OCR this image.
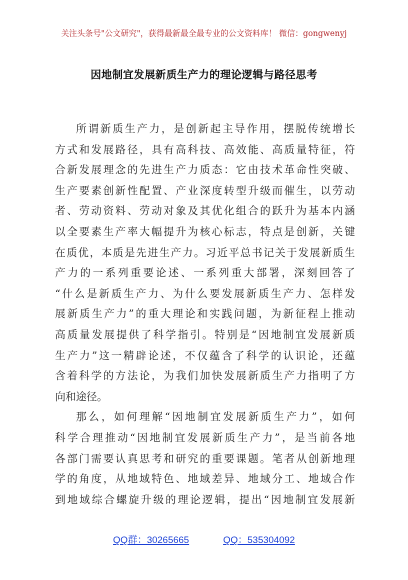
关注头条号"公文研究"，获得最新最全最专业的公文资料库！ 微信：gongwenyj
因地制宜发展新质生产力的理论逻辑与路径思考
所谓新质生产力，是创新起主导作用，摆脱传统增长
方式和发展路径，具有高科技、高效能、高质量特征，符
合新发展理念的先进生产力质态：它由技术革命性突破、
生产要素创新性配置、产业深度转型升级而催生，以劳动
者、劳动资料、劳动对象及其优化组合的跃升为基本内涵
以全要素生产率大幅提升为核心标志，特点是创新，关键
在质优，本质是先进生产力。习近平总书记关于发展新质生
产力的一系列重要论述、一系列重大部署，深刻回答了
“什么是新质生产力、为什么要发展新质生产力、怎样发
展新质生产力”的重大理论和实践问题，为新征程上推动
高质量发展提供了科学指引。特别是“因地制宜发展新质
生产力”这一精辟论述，不仅蕴含了科学的认识论，还蕴
含着科学的方法论，为我们加快发展新质生产力指明了方
向和途径。
那么，如何理解“因地制宜发展新质生产力”，如何
科学合理推动“因地制宜发展新质生产力”，是当前各地
各部门需要认真思考和研究的重要课题。笔者从创新地理
学的角度，从地域特色、地域差异、地域分工、地域合作
到地域综合螺旋升级的理论逻辑，提出“因地制宜发展新
QQ群：30265665	QQ：535304092
